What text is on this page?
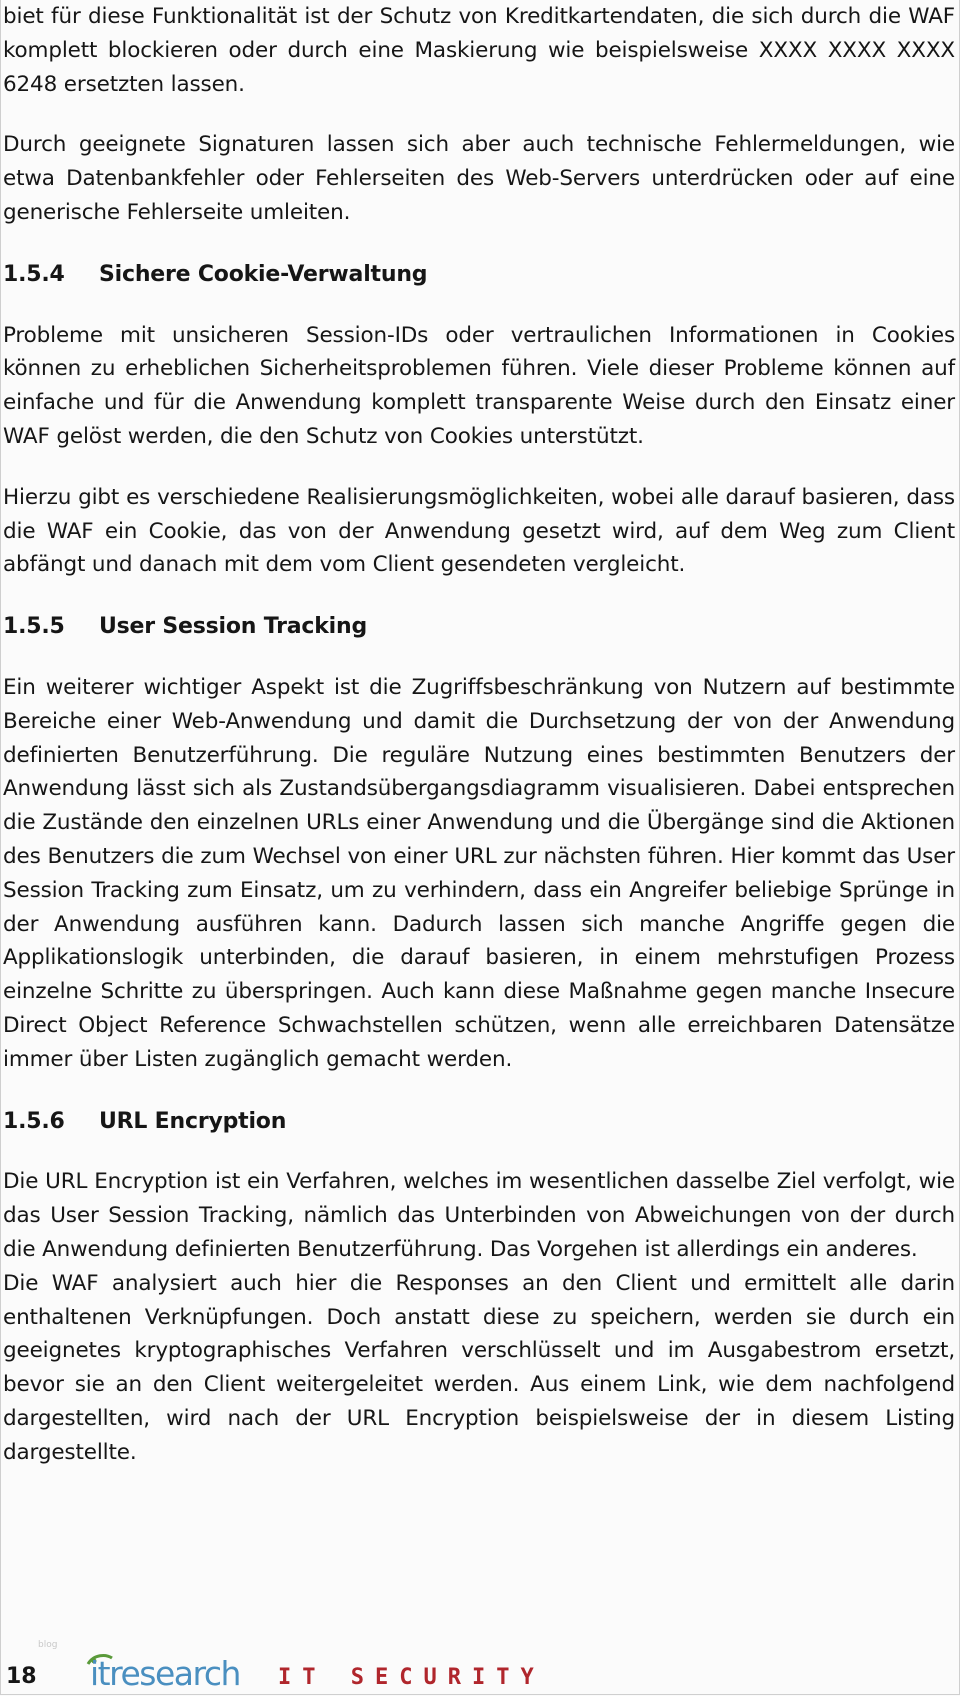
biet für diese Funktionalität ist der Schutz von Kreditkartendaten, die sich durch die WAF komplett blockieren oder durch eine Maskierung wie beispielsweise XXXX XXXX XXXX 6248 ersetzten lassen.

Durch geeignete Signaturen lassen sich aber auch technische Fehlermeldungen, wie etwa Datenbankfehler oder Fehlerseiten des Web-Servers unterdrücken oder auf eine generische Fehlerseite umleiten.

1.5.4 Sichere Cookie-Verwaltung

Probleme mit unsicheren Session-IDs oder vertraulichen Informationen in Cookies können zu erheblichen Sicherheitsproblemen führen. Viele dieser Probleme können auf einfache und für die Anwendung komplett transparente Weise durch den Einsatz einer WAF gelöst werden, die den Schutz von Cookies unterstützt.

Hierzu gibt es verschiedene Realisierungsmöglichkeiten, wobei alle darauf basieren, dass die WAF ein Cookie, das von der Anwendung gesetzt wird, auf dem Weg zum Client abfängt und danach mit dem vom Client gesendeten vergleicht.

1.5.5 User Session Tracking

Ein weiterer wichtiger Aspekt ist die Zugriffsbeschränkung von Nutzern auf bestimmte Bereiche einer Web-Anwendung und damit die Durchsetzung der von der Anwendung definierten Benutzerführung. Die reguläre Nutzung eines bestimmten Benutzers der Anwendung lässt sich als Zustandsübergangsdiagramm visualisieren. Dabei entsprechen die Zustände den einzelnen URLs einer Anwendung und die Übergänge sind die Aktionen des Benutzers die zum Wechsel von einer URL zur nächsten führen. Hier kommt das User Session Tracking zum Einsatz, um zu verhindern, dass ein Angreifer beliebige Sprünge in der Anwendung ausführen kann. Dadurch lassen sich manche Angriffe gegen die Applikationslogik unterbinden, die darauf basieren, in einem mehrstufigen Prozess einzelne Schritte zu überspringen. Auch kann diese Maßnahme gegen manche Insecure Direct Object Reference Schwachstellen schützen, wenn alle erreichbaren Datensätze immer über Listen zugänglich gemacht werden.

1.5.6 URL Encryption

Die URL Encryption ist ein Verfahren, welches im wesentlichen dasselbe Ziel verfolgt, wie das User Session Tracking, nämlich das Unterbinden von Abweichungen von der durch die Anwendung definierten Benutzerführung. Das Vorgehen ist allerdings ein anderes.

Die WAF analysiert auch hier die Responses an den Client und ermittelt alle darin enthaltenen Verknüpfungen. Doch anstatt diese zu speichern, werden sie durch ein geeignetes kryptographisches Verfahren verschlüsselt und im Ausgabestrom ersetzt, bevor sie an den Client weitergeleitet werden. Aus einem Link, wie dem nachfolgend dargestellten, wird nach der URL Encryption beispielsweise der in diesem Listing dargestellte.

blog
18 itresearch IT SECURITY
